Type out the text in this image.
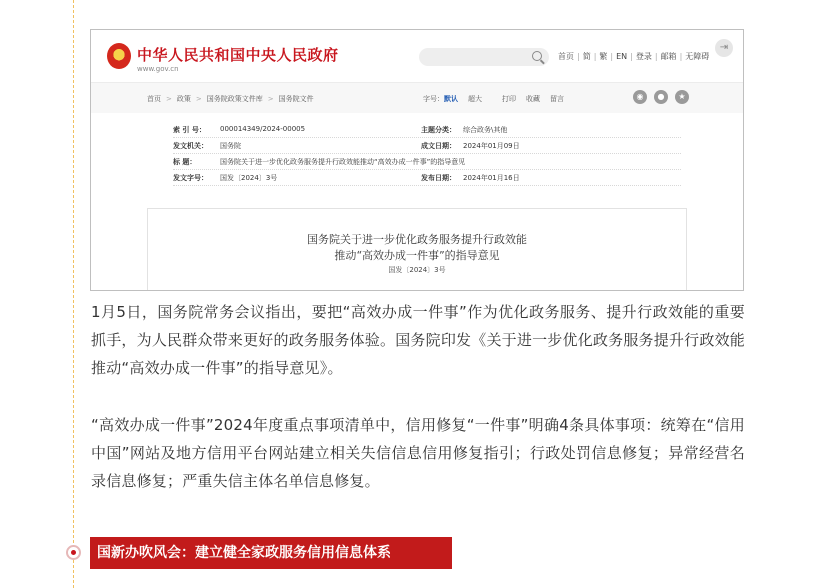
中华人民共和国中央人民政府
www.gov.cn
首页 | 简 | 繁 | EN | 登录 | 邮箱 | 无障碍
⇥
首页 > 政策 > 国务院政策文件库 > 国务院文件	字号：默认 超大	打印 收藏 留言	◉	●	★
索 引 号： 000014349/2024-00005	主题分类： 综合政务\其他
发文机关： 国务院	成文日期： 2024年01月09日
标 题：	国务院关于进一步优化政务服务提升行政效能推动“高效办成一件事”的指导意见
发文字号： 国发〔2024〕3号	发布日期： 2024年01月16日
国务院关于进一步优化政务服务提升行政效能
推动“高效办成一件事”的指导意见
国发〔2024〕3号

1月5日，国务院常务会议指出，要把“高效办成一件事”作为优化政务服务、提升行政效能的重要抓手，为人民群众带来更好的政务服务体验。国务院印发《关于进一步优化政务服务提升行政效能推动“高效办成一件事”的指导意见》。

“高效办成一件事”2024年度重点事项清单中，信用修复“一件事”明确4条具体事项：统筹在“信用中国”网站及地方信用平台网站建立相关失信信息信用修复指引；行政处罚信息修复；异常经营名录信息修复；严重失信主体名单信息修复。

国新办吹风会：建立健全家政服务信用信息体系
